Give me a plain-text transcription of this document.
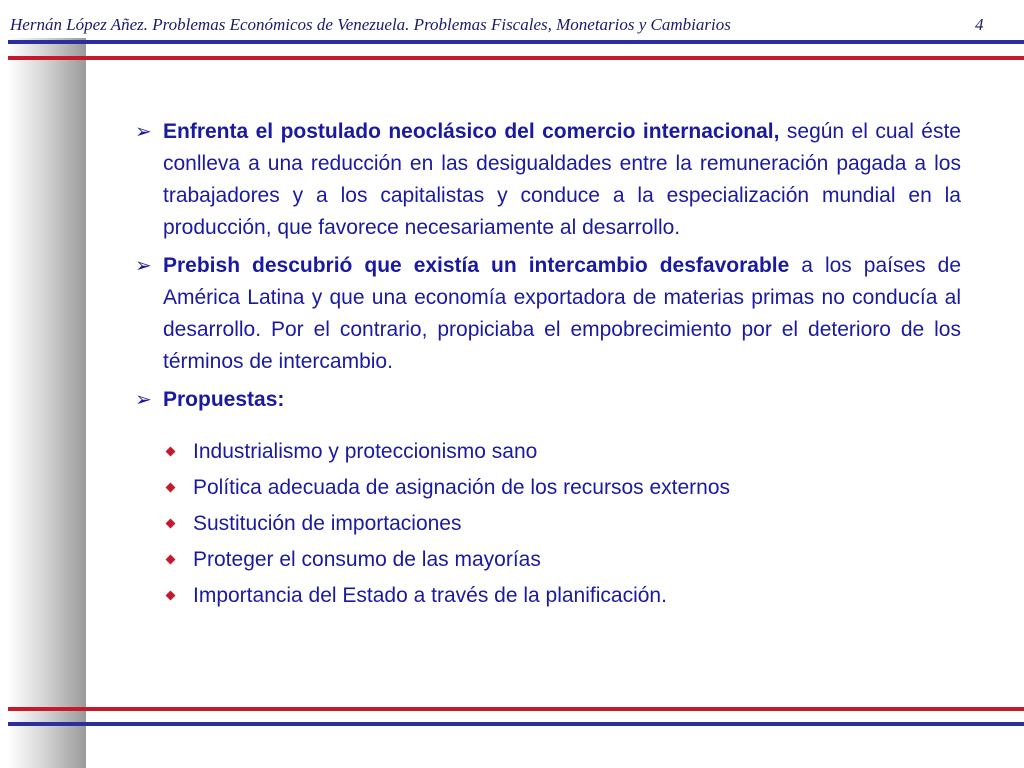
Hernán López Añez. Problemas Económicos de Venezuela. Problemas Fiscales, Monetarios y Cambiarios	4

➢ Enfrenta el postulado neoclásico del comercio internacional, según el cual éste conlleva a una reducción en las desigualdades entre la remuneración pagada a los trabajadores y a los capitalistas y conduce a la especialización mundial en la producción, que favorece necesariamente al desarrollo.

➢ Prebish descubrió que existía un intercambio desfavorable a los países de América Latina y que una economía exportadora de materias primas no conducía al desarrollo. Por el contrario, propiciaba el empobrecimiento por el deterioro de los términos de intercambio.

➢ Propuestas:

Industrialismo y proteccionismo sano
Política adecuada de asignación de los recursos externos
Sustitución de importaciones
Proteger el consumo de las mayorías
Importancia del Estado a través de la planificación.
